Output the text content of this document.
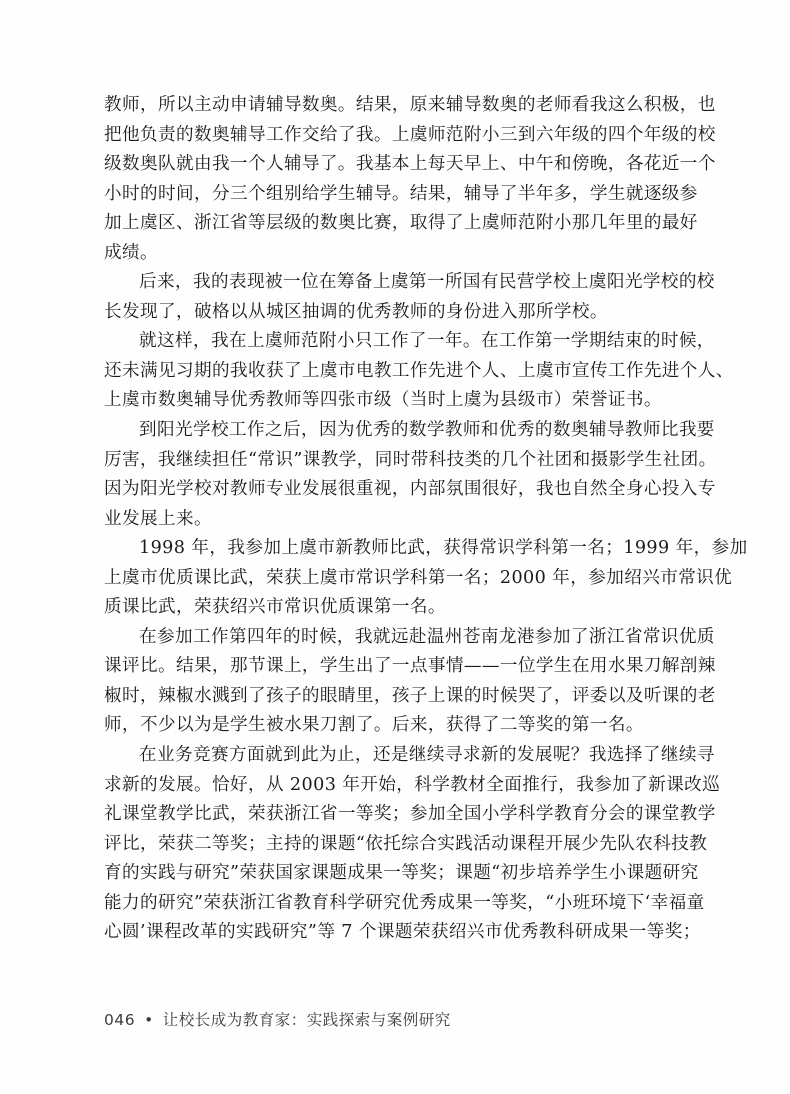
教师，所以主动申请辅导数奥。结果，原来辅导数奥的老师看我这么积极，也
把他负责的数奥辅导工作交给了我。上虞师范附小三到六年级的四个年级的校
级数奥队就由我一个人辅导了。我基本上每天早上、中午和傍晚，各花近一个
小时的时间，分三个组别给学生辅导。结果，辅导了半年多，学生就逐级参
加上虞区、浙江省等层级的数奥比赛，取得了上虞师范附小那几年里的最好
成绩。
后来，我的表现被一位在筹备上虞第一所国有民营学校上虞阳光学校的校
长发现了，破格以从城区抽调的优秀教师的身份进入那所学校。
就这样，我在上虞师范附小只工作了一年。在工作第一学期结束的时候，
还未满见习期的我收获了上虞市电教工作先进个人、上虞市宣传工作先进个人、
上虞市数奥辅导优秀教师等四张市级（当时上虞为县级市）荣誉证书。
到阳光学校工作之后，因为优秀的数学教师和优秀的数奥辅导教师比我要
厉害，我继续担任“常识”课教学，同时带科技类的几个社团和摄影学生社团。
因为阳光学校对教师专业发展很重视，内部氛围很好，我也自然全身心投入专
业发展上来。
1998 年，我参加上虞市新教师比武，获得常识学科第一名；1999 年，参加
上虞市优质课比武，荣获上虞市常识学科第一名；2000 年，参加绍兴市常识优
质课比武，荣获绍兴市常识优质课第一名。
在参加工作第四年的时候，我就远赴温州苍南龙港参加了浙江省常识优质
课评比。结果，那节课上，学生出了一点事情——一位学生在用水果刀解剖辣
椒时，辣椒水溅到了孩子的眼睛里，孩子上课的时候哭了，评委以及听课的老
师，不少以为是学生被水果刀割了。后来，获得了二等奖的第一名。
在业务竞赛方面就到此为止，还是继续寻求新的发展呢？我选择了继续寻
求新的发展。恰好，从 2003 年开始，科学教材全面推行，我参加了新课改巡
礼课堂教学比武，荣获浙江省一等奖；参加全国小学科学教育分会的课堂教学
评比，荣获二等奖；主持的课题“依托综合实践活动课程开展少先队农科技教
育的实践与研究”荣获国家课题成果一等奖；课题“初步培养学生小课题研究
能力的研究”荣获浙江省教育科学研究优秀成果一等奖，“小班环境下‘幸福童
心圆’课程改革的实践研究”等 7 个课题荣获绍兴市优秀教科研成果一等奖；
046 • 让校长成为教育家：实践探索与案例研究
